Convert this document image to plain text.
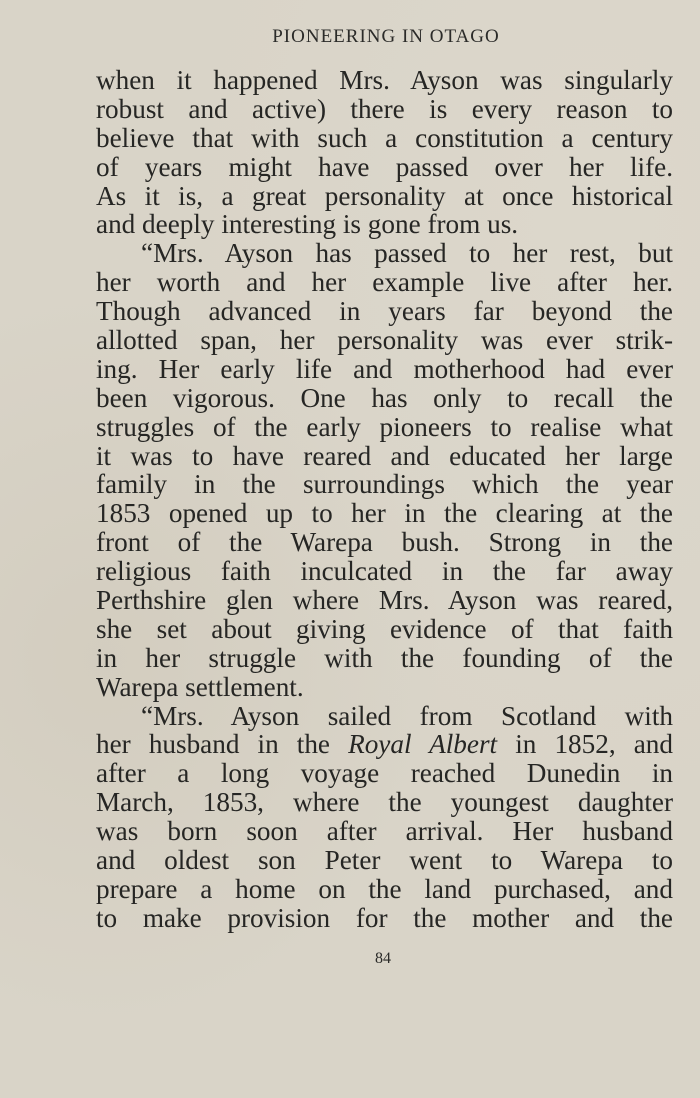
PIONEERING IN OTAGO
when it happened Mrs. Ayson was singularly
robust and active) there is every reason to
believe that with such a constitution a century
of years might have passed over her life.
As it is, a great personality at once historical
and deeply interesting is gone from us.
“Mrs. Ayson has passed to her rest, but
her worth and her example live after her.
Though advanced in years far beyond the
allotted span, her personality was ever strik-
ing. Her early life and motherhood had ever
been vigorous. One has only to recall the
struggles of the early pioneers to realise what
it was to have reared and educated her large
family in the surroundings which the year
1853 opened up to her in the clearing at the
front of the Warepa bush. Strong in the
religious faith inculcated in the far away
Perthshire glen where Mrs. Ayson was reared,
she set about giving evidence of that faith
in her struggle with the founding of the
Warepa settlement.
“Mrs. Ayson sailed from Scotland with
her husband in the Royal Albert in 1852, and
after a long voyage reached Dunedin in
March, 1853, where the youngest daughter
was born soon after arrival. Her husband
and oldest son Peter went to Warepa to
prepare a home on the land purchased, and
to make provision for the mother and the
84
